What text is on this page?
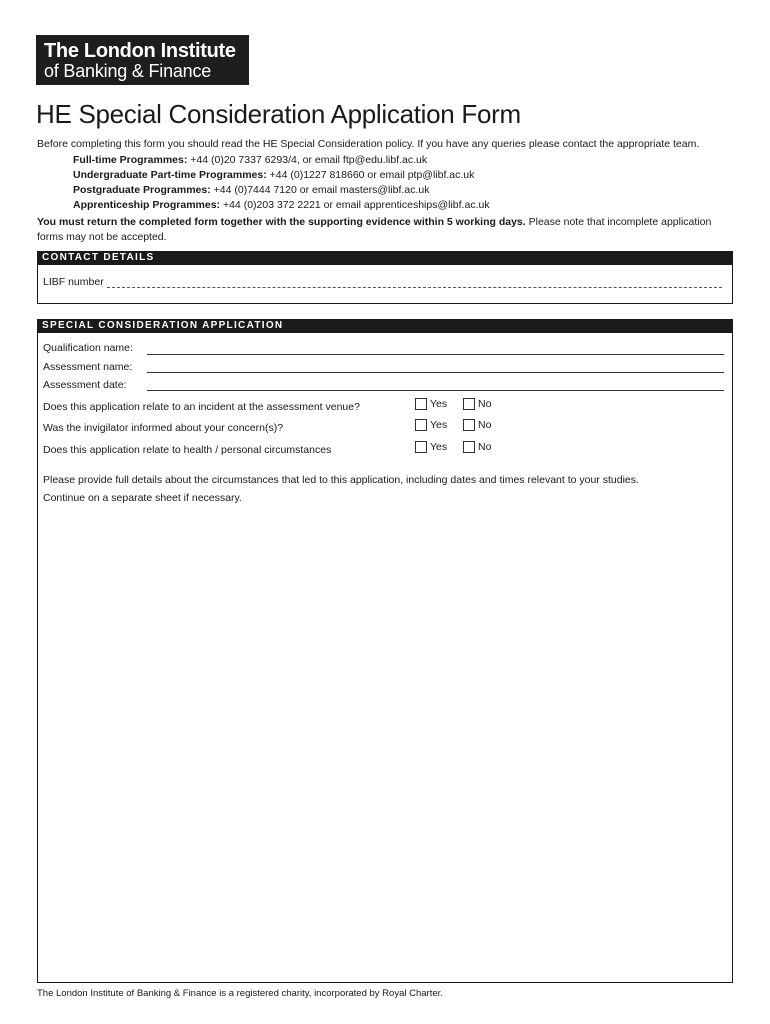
The London Institute
of Banking & Finance
HE Special Consideration Application Form
Before completing this form you should read the HE Special Consideration policy. If you have any queries please contact the appropriate team.
Full-time Programmes: +44 (0)20 7337 6293/4, or email ftp@edu.libf.ac.uk
Undergraduate Part-time Programmes: +44 (0)1227 818660 or email ptp@libf.ac.uk
Postgraduate Programmes: +44 (0)7444 7120 or email masters@libf.ac.uk
Apprenticeship Programmes: +44 (0)203 372 2221 or email apprenticeships@libf.ac.uk
You must return the completed form together with the supporting evidence within 5 working days. Please note that incomplete application forms may not be accepted.
CONTACT DETAILS
LIBF number
SPECIAL CONSIDERATION APPLICATION
Qualification name:
Assessment name:
Assessment date:
Does this application relate to an incident at the assessment venue?	Yes	No
Was the invigilator informed about your concern(s)?	Yes	No
Does this application relate to health / personal circumstances	Yes	No
Please provide full details about the circumstances that led to this application, including dates and times relevant to your studies.
Continue on a separate sheet if necessary.
The London Institute of Banking & Finance is a registered charity, incorporated by Royal Charter.
